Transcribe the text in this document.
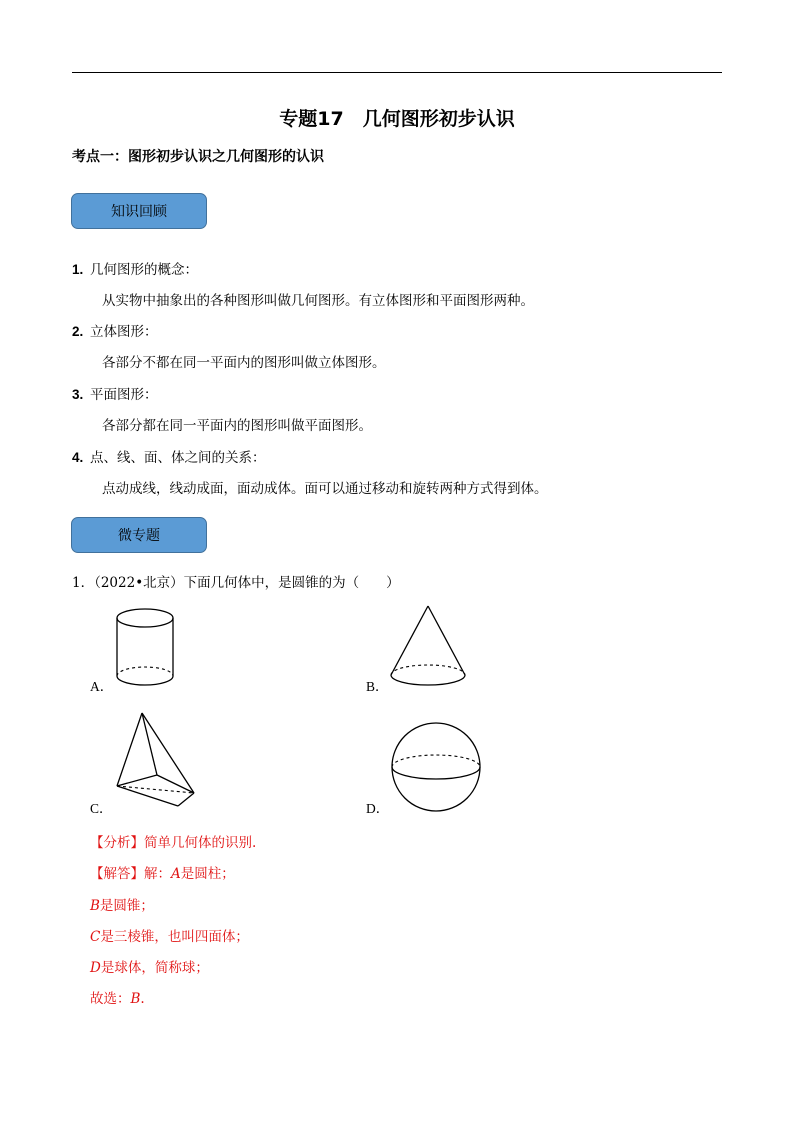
专题17　几何图形初步认识
考点一：图形初步认识之几何图形的认识
知识回顾
1. 几何图形的概念：
从实物中抽象出的各种图形叫做几何图形。有立体图形和平面图形两种。
2. 立体图形：
各部分不都在同一平面内的图形叫做立体图形。
3. 平面图形：
各部分都在同一平面内的图形叫做平面图形。
4. 点、线、面、体之间的关系：
点动成线，线动成面，面动成体。面可以通过移动和旋转两种方式得到体。
微专题
1．（2022•北京）下面几何体中，是圆锥的为（　　）
A．	B．
C．	D．
【分析】简单几何体的识别.
【解答】解：A是圆柱；
B是圆锥；
C是三棱锥，也叫四面体；
D是球体，简称球；
故选：B.
